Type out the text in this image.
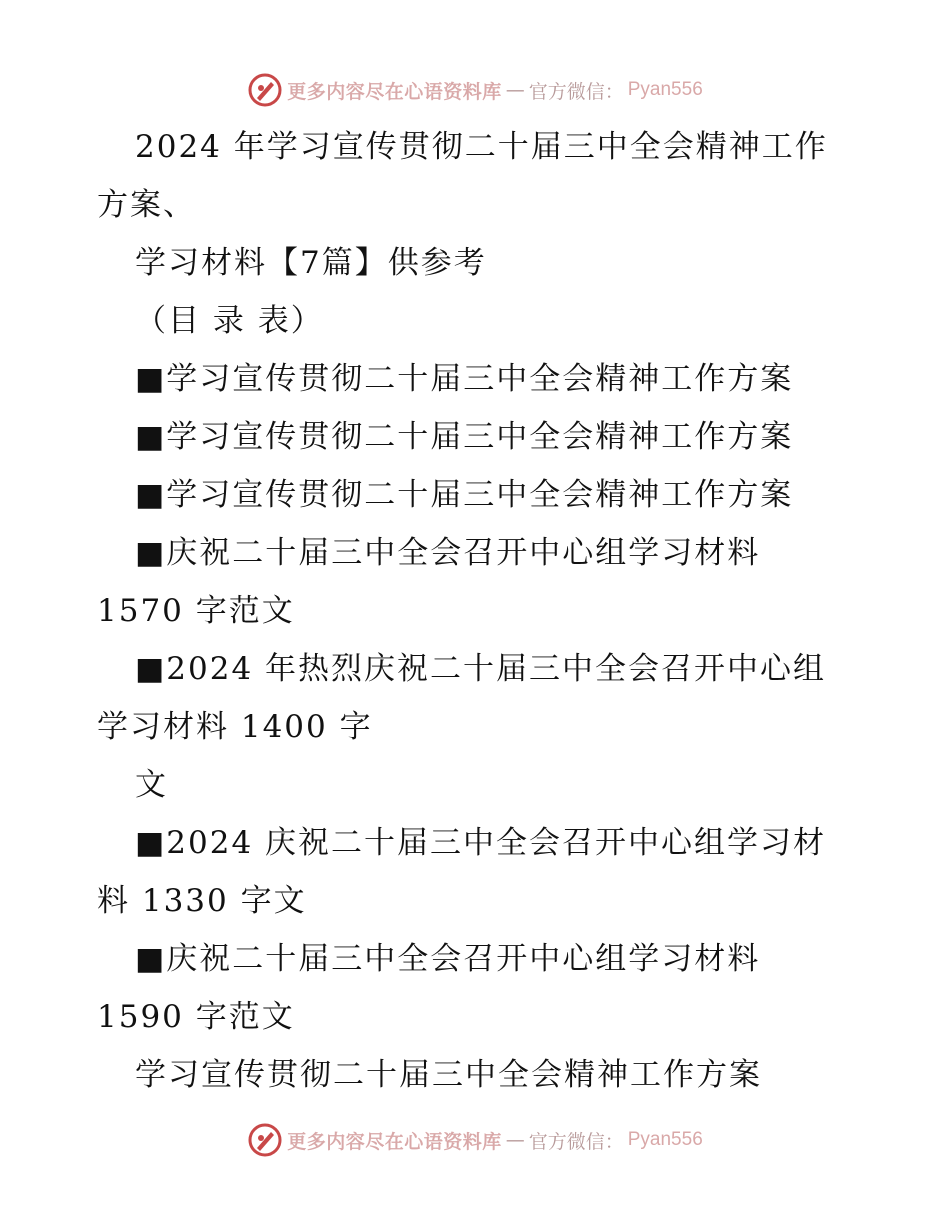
更多内容尽在心语资料库 — 官方微信： Pyan556
2024 年学习宣传贯彻二十届三中全会精神工作
方案、
学习材料【7篇】供参考
（目 录 表）
■学习宣传贯彻二十届三中全会精神工作方案
■学习宣传贯彻二十届三中全会精神工作方案
■学习宣传贯彻二十届三中全会精神工作方案
■庆祝二十届三中全会召开中心组学习材料
1570 字范文
■2024 年热烈庆祝二十届三中全会召开中心组
学习材料 1400 字
文
■2024 庆祝二十届三中全会召开中心组学习材
料 1330 字文
■庆祝二十届三中全会召开中心组学习材料
1590 字范文
学习宣传贯彻二十届三中全会精神工作方案
更多内容尽在心语资料库 — 官方微信： Pyan556
